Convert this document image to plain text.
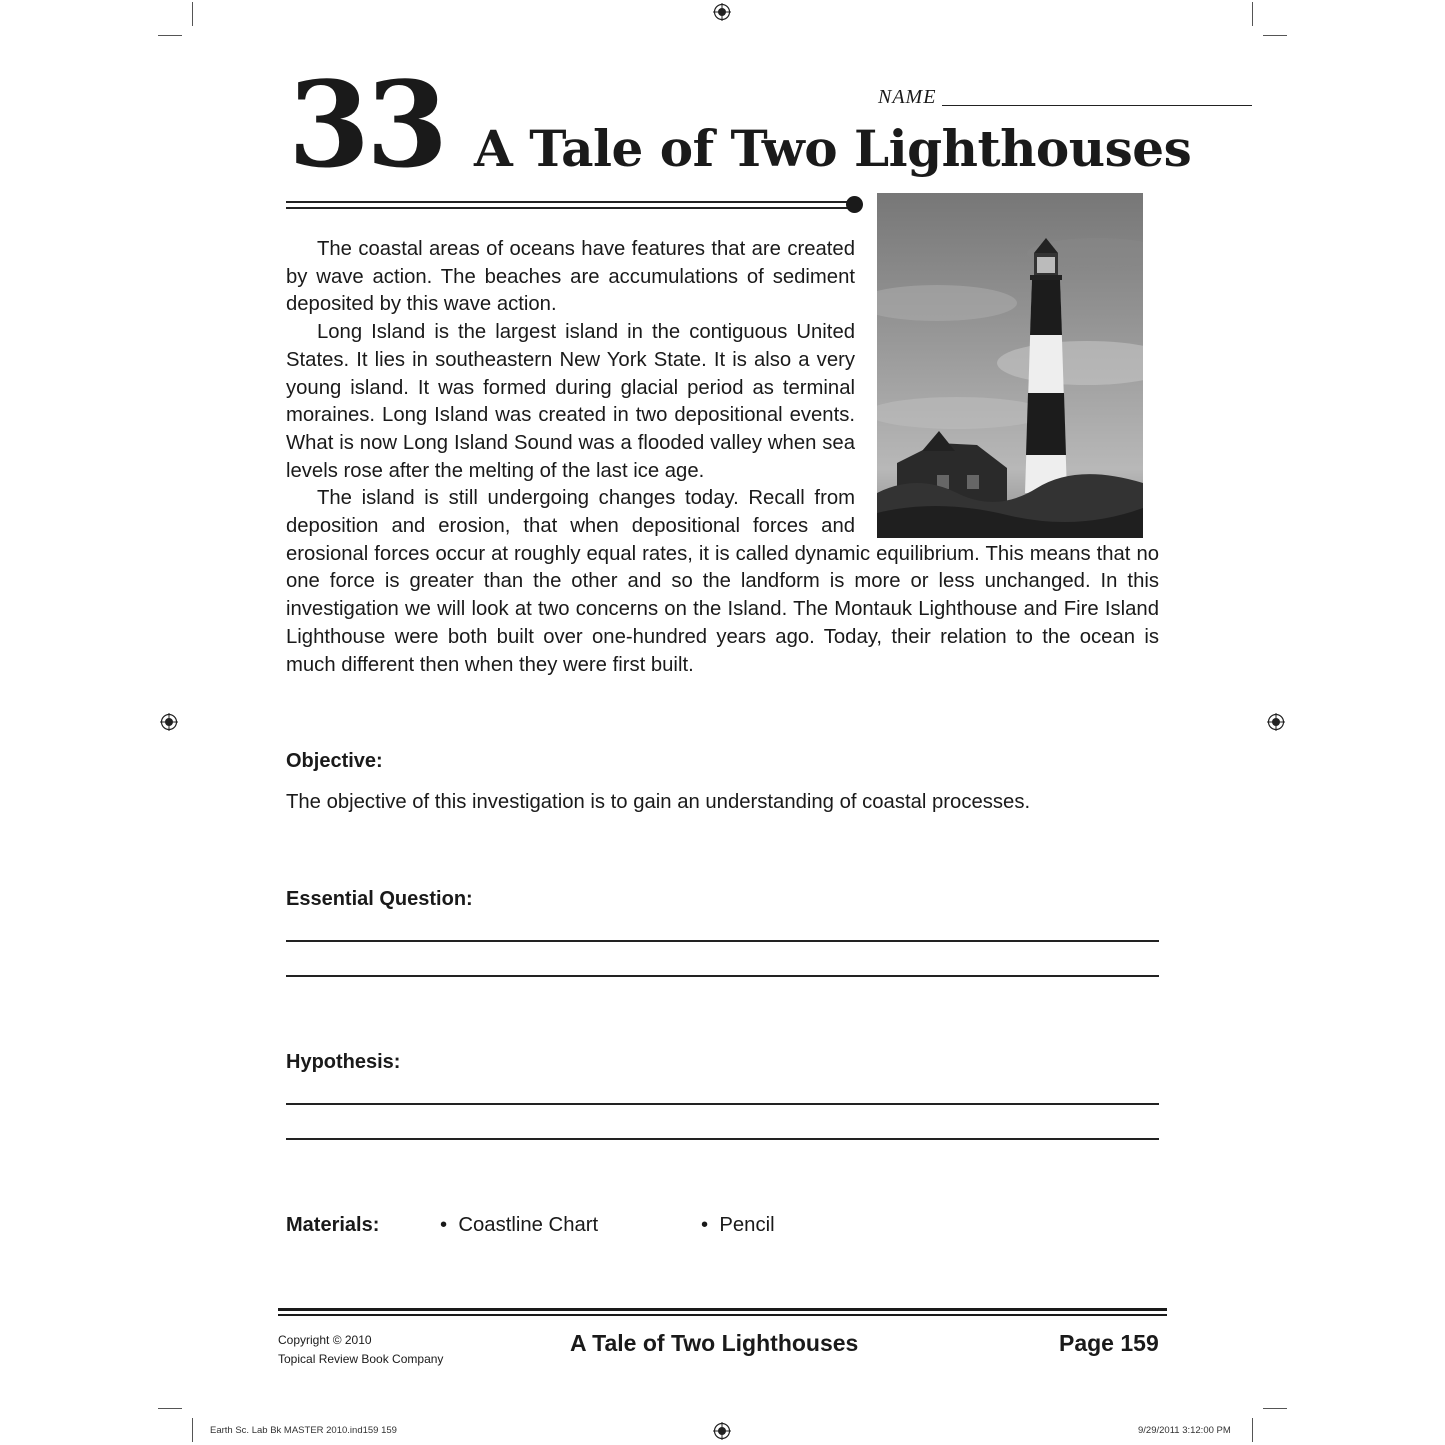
33 A Tale of Two Lighthouses
NAME

The coastal areas of oceans have features that are created by wave action. The beaches are accumulations of sediment deposited by this wave action.

Long Island is the largest island in the contiguous United States. It lies in southeastern New York State. It is also a very young island. It was formed during glacial period as terminal moraines. Long Island was created in two depositional events. What is now Long Island Sound was a flooded valley when sea levels rose after the melting of the last ice age.

The island is still undergoing changes today. Recall from deposition and erosion, that when depositional forces and erosional forces occur at roughly equal rates, it is called dynamic equilibrium. This means that no one force is greater than the other and so the landform is more or less unchanged. In this investigation we will look at two concerns on the Island. The Montauk Lighthouse and Fire Island Lighthouse were both built over one-hundred years ago. Today, their relation to the ocean is much different then when they were first built.

Objective:
The objective of this investigation is to gain an understanding of coastal processes.
Essential Question:
Hypothesis:
Materials:	•  Coastline Chart	•  Pencil
Copyright © 2010
Topical Review Book Company
A Tale of Two Lighthouses	Page 159
Earth Sc. Lab Bk MASTER 2010.ind159 159	9/29/2011 3:12:00 PM
